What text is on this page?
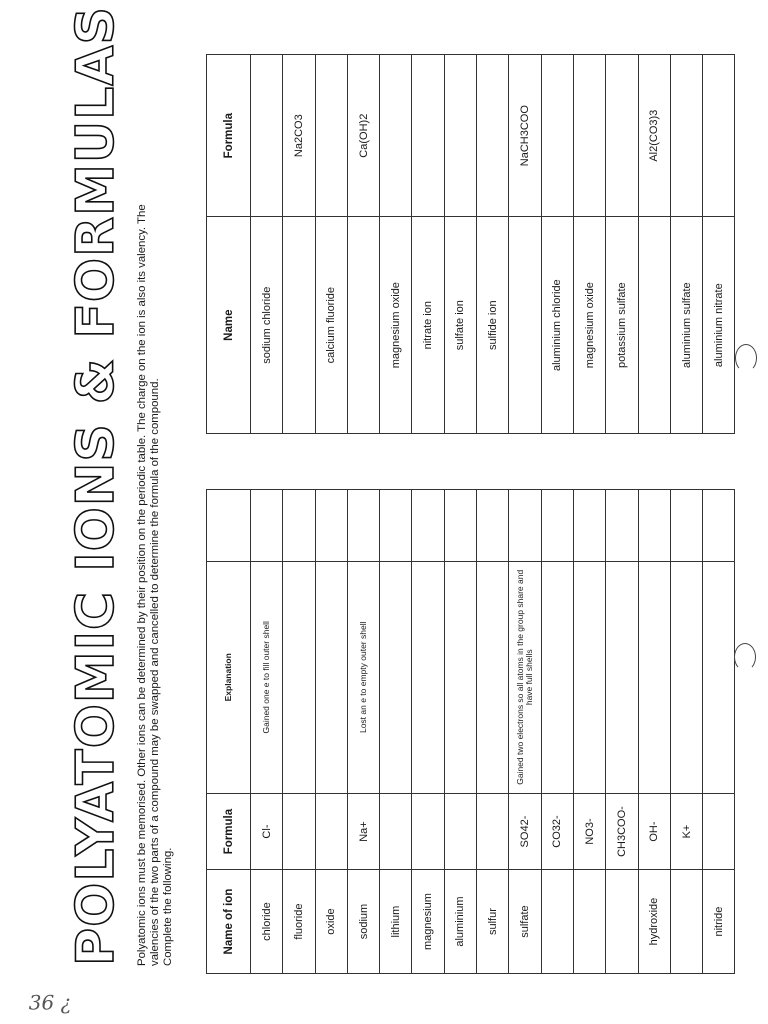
36 ¿
POLYATOMIC IONS & FORMULAS Polyatomic ions must be memorised. Other ions can be determined by their position on the periodic table. The charge on the ion is also its valency. The valencies of the two parts of a compound may be swapped and cancelled to determine the formula of the compound. Complete the following.	Name of ion	Formula	Explanation	
chloride	Cl-	Gained one e to fill outer shell	
fluoride			
oxide			
sodium	Na+	Lost an e to empty outer shell	
lithium			
magnesium			
aluminium			
sulfur			
sulfate	SO42-	Gained two electrons so all atoms in the group share and have full shells	
	CO32-		
	NO3-		
	CH3COO-		
hydroxide	OH-		
	K+		
nitride			
Name	Formula
sodium chloride	
	Na2CO3
calcium fluoride	
	Ca(OH)2
magnesium oxide	
nitrate ion	
sulfate ion	
sulfide ion	
	NaCH3COO
aluminium chloride	
magnesium oxide	
potassium sulfate	
	Al2(CO3)3
aluminium sulfate	
aluminium nitrate	
